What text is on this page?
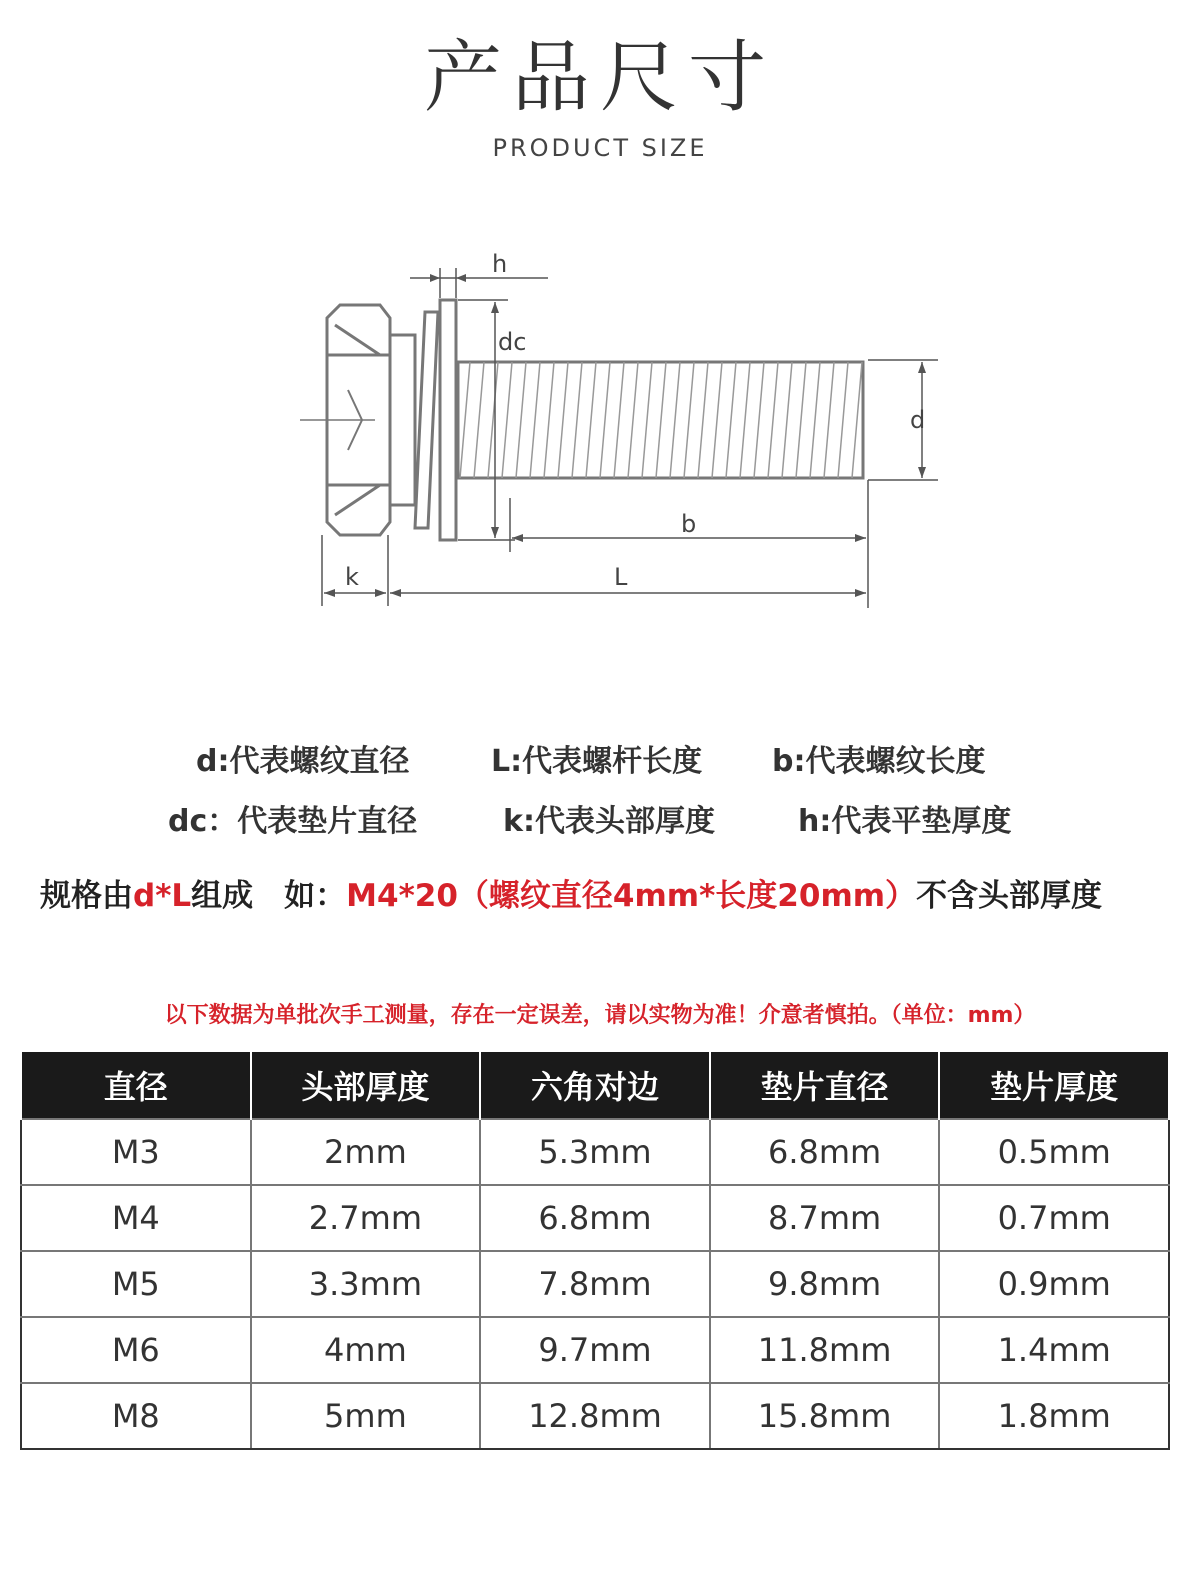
产品尺寸
PRODUCT SIZE
h
dc
d
b
k	L
d:代表螺纹直径	L:代表螺杆长度 b:代表螺纹长度
dc：代表垫片直径	k:代表头部厚度	h:代表平垫厚度
规格由d*L组成　如：M4*20（螺纹直径4mm*长度20mm）不含头部厚度
以下数据为单批次手工测量，存在一定误差，请以实物为准！介意者慎拍。（单位：mm）
直径	头部厚度	六角对边	垫片直径	垫片厚度
M3	2mm	5.3mm	6.8mm	0.5mm
M4	2.7mm	6.8mm	8.7mm	0.7mm
M5	3.3mm	7.8mm	9.8mm	0.9mm
M6	4mm	9.7mm	11.8mm	1.4mm
M8	5mm	12.8mm	15.8mm	1.8mm
